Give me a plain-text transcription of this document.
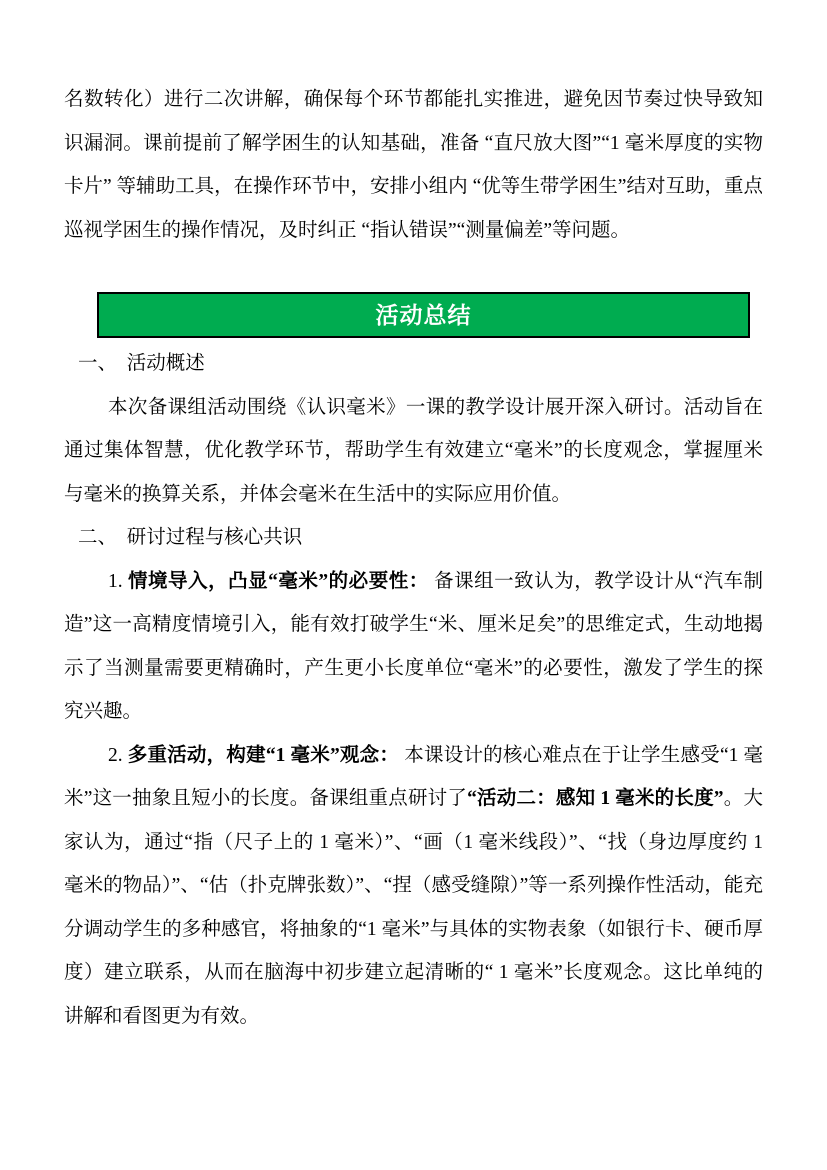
名数转化）进行二次讲解，确保每个环节都能扎实推进，避免因节奏过快导致知识漏洞。课前提前了解学困生的认知基础，准备 “直尺放大图”“1 毫米厚度的实物卡片” 等辅助工具，在操作环节中，安排小组内 “优等生带学困生”结对互助，重点巡视学困生的操作情况，及时纠正 “指认错误”“测量偏差”等问题。

活动总结

一、　活动概述

本次备课组活动围绕《认识毫米》一课的教学设计展开深入研讨。活动旨在通过集体智慧，优化教学环节，帮助学生有效建立“毫米”的长度观念，掌握厘米与毫米的换算关系，并体会毫米在生活中的实际应用价值。

二、　研讨过程与核心共识

1. 情境导入，凸显“毫米”的必要性： 备课组一致认为，教学设计从“汽车制造”这一高精度情境引入，能有效打破学生“米、厘米足矣”的思维定式，生动地揭示了当测量需要更精确时，产生更小长度单位“毫米”的必要性，激发了学生的探究兴趣。

2. 多重活动，构建“1 毫米”观念： 本课设计的核心难点在于让学生感受“1 毫米”这一抽象且短小的长度。备课组重点研讨了“活动二：感知 1 毫米的长度”。大家认为，通过“指（尺子上的 1 毫米）”、“画（1 毫米线段）”、“找（身边厚度约 1 毫米的物品）”、“估（扑克牌张数）”、“捏（感受缝隙）”等一系列操作性活动，能充分调动学生的多种感官，将抽象的“1 毫米”与具体的实物表象（如银行卡、硬币厚度）建立联系，从而在脑海中初步建立起清晰的“ 1 毫米”长度观念。这比单纯的讲解和看图更为有效。
